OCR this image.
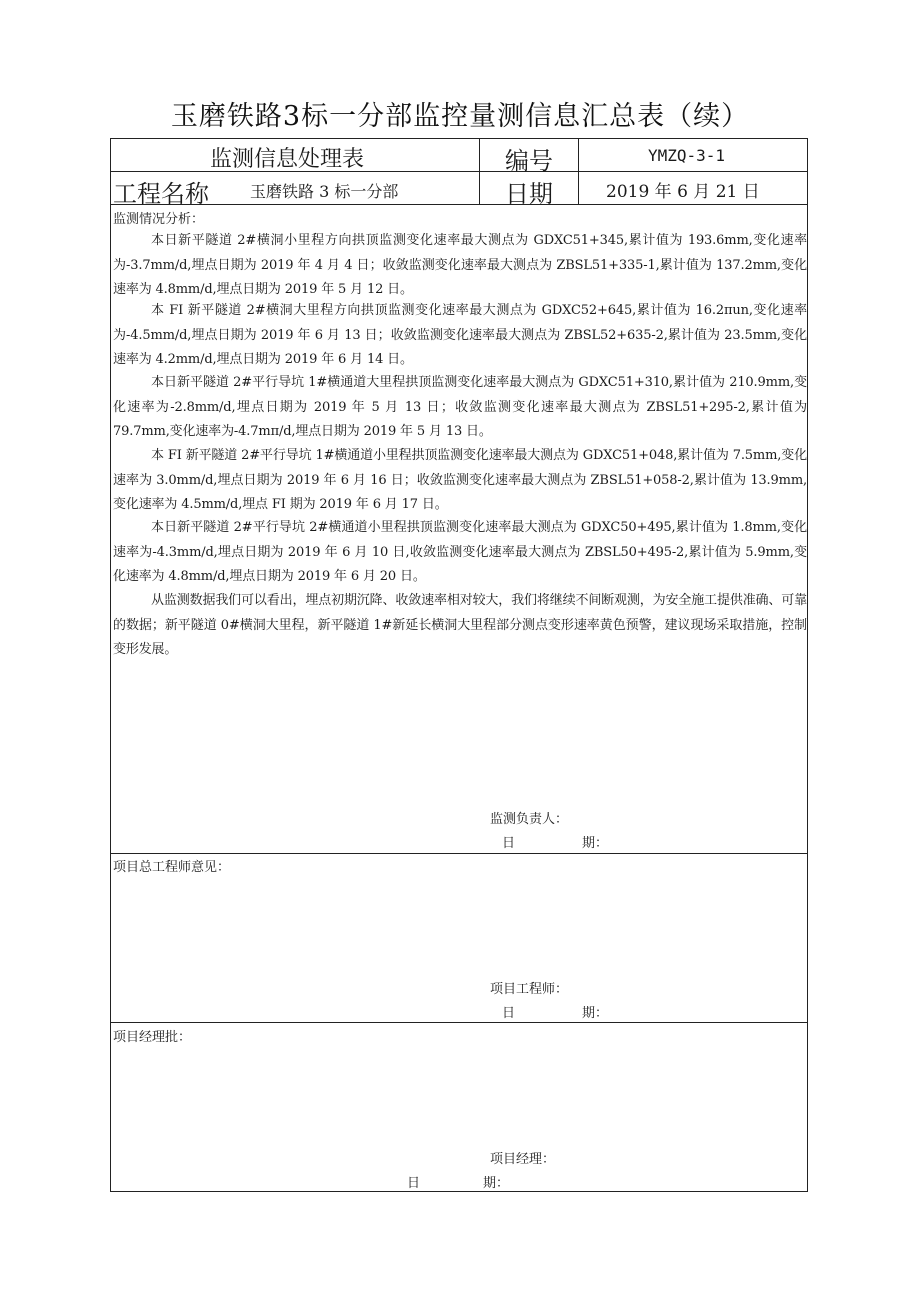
玉磨铁路3标一分部监控量测信息汇总表（续）
监测信息处理表	编号	YMZQ-3-1
工程名称	玉磨铁路 3 标一分部	日期	2019 年 6 月 21 日
监测情况分析：
本日新平隧道 2#横洞小里程方向拱顶监测变化速率最大测点为 GDXC51+345,累计值为 193.6mm,变化速率为-3.7mm/d,埋点日期为 2019 年 4 月 4 日；收敛监测变化速率最大测点为 ZBSL51+335-1,累计值为 137.2mm,变化速率为 4.8mm/d,埋点日期为 2019 年 5 月 12 日。
本 FI 新平隧道 2#横洞大里程方向拱顶监测变化速率最大测点为 GDXC52+645,累计值为 16.2πun,变化速率为-4.5mm/d,埋点日期为 2019 年 6 月 13 日；收敛监测变化速率最大测点为 ZBSL52+635-2,累计值为 23.5mm,变化速率为 4.2mm/d,埋点日期为 2019 年 6 月 14 日。
本日新平隧道 2#平行导坑 1#横通道大里程拱顶监测变化速率最大测点为 GDXC51+310,累计值为 210.9mm,变化速率为-2.8mm/d,埋点日期为 2019 年 5 月 13 日；收敛监测变化速率最大测点为 ZBSL51+295-2,累计值为 79.7mm,变化速率为-4.7mπ/d,埋点日期为 2019 年 5 月 13 日。
本 FI 新平隧道 2#平行导坑 1#横通道小里程拱顶监测变化速率最大测点为 GDXC51+048,累计值为 7.5mm,变化速率为 3.0mm/d,埋点日期为 2019 年 6 月 16 日；收敛监测变化速率最大测点为 ZBSL51+058-2,累计值为 13.9mm,变化速率为 4.5mm/d,埋点 FI 期为 2019 年 6 月 17 日。
本日新平隧道 2#平行导坑 2#横通道小里程拱顶监测变化速率最大测点为 GDXC50+495,累计值为 1.8mm,变化速率为-4.3mm/d,埋点日期为 2019 年 6 月 10 日,收敛监测变化速率最大测点为 ZBSL50+495-2,累计值为 5.9mm,变化速率为 4.8mm/d,埋点日期为 2019 年 6 月 20 日。
从监测数据我们可以看出，埋点初期沉降、收敛速率相对较大，我们将继续不间断观测，为安全施工提供准确、可靠的数据；新平隧道 0#横洞大里程，新平隧道 1#新延长横洞大里程部分测点变形速率黄色预警，建议现场采取措施，控制变形发展。
监测负责人：
日	期：
项目总工程师意见：
项目工程师：
日	期：
项目经理批：
项目经理：
日	期：
